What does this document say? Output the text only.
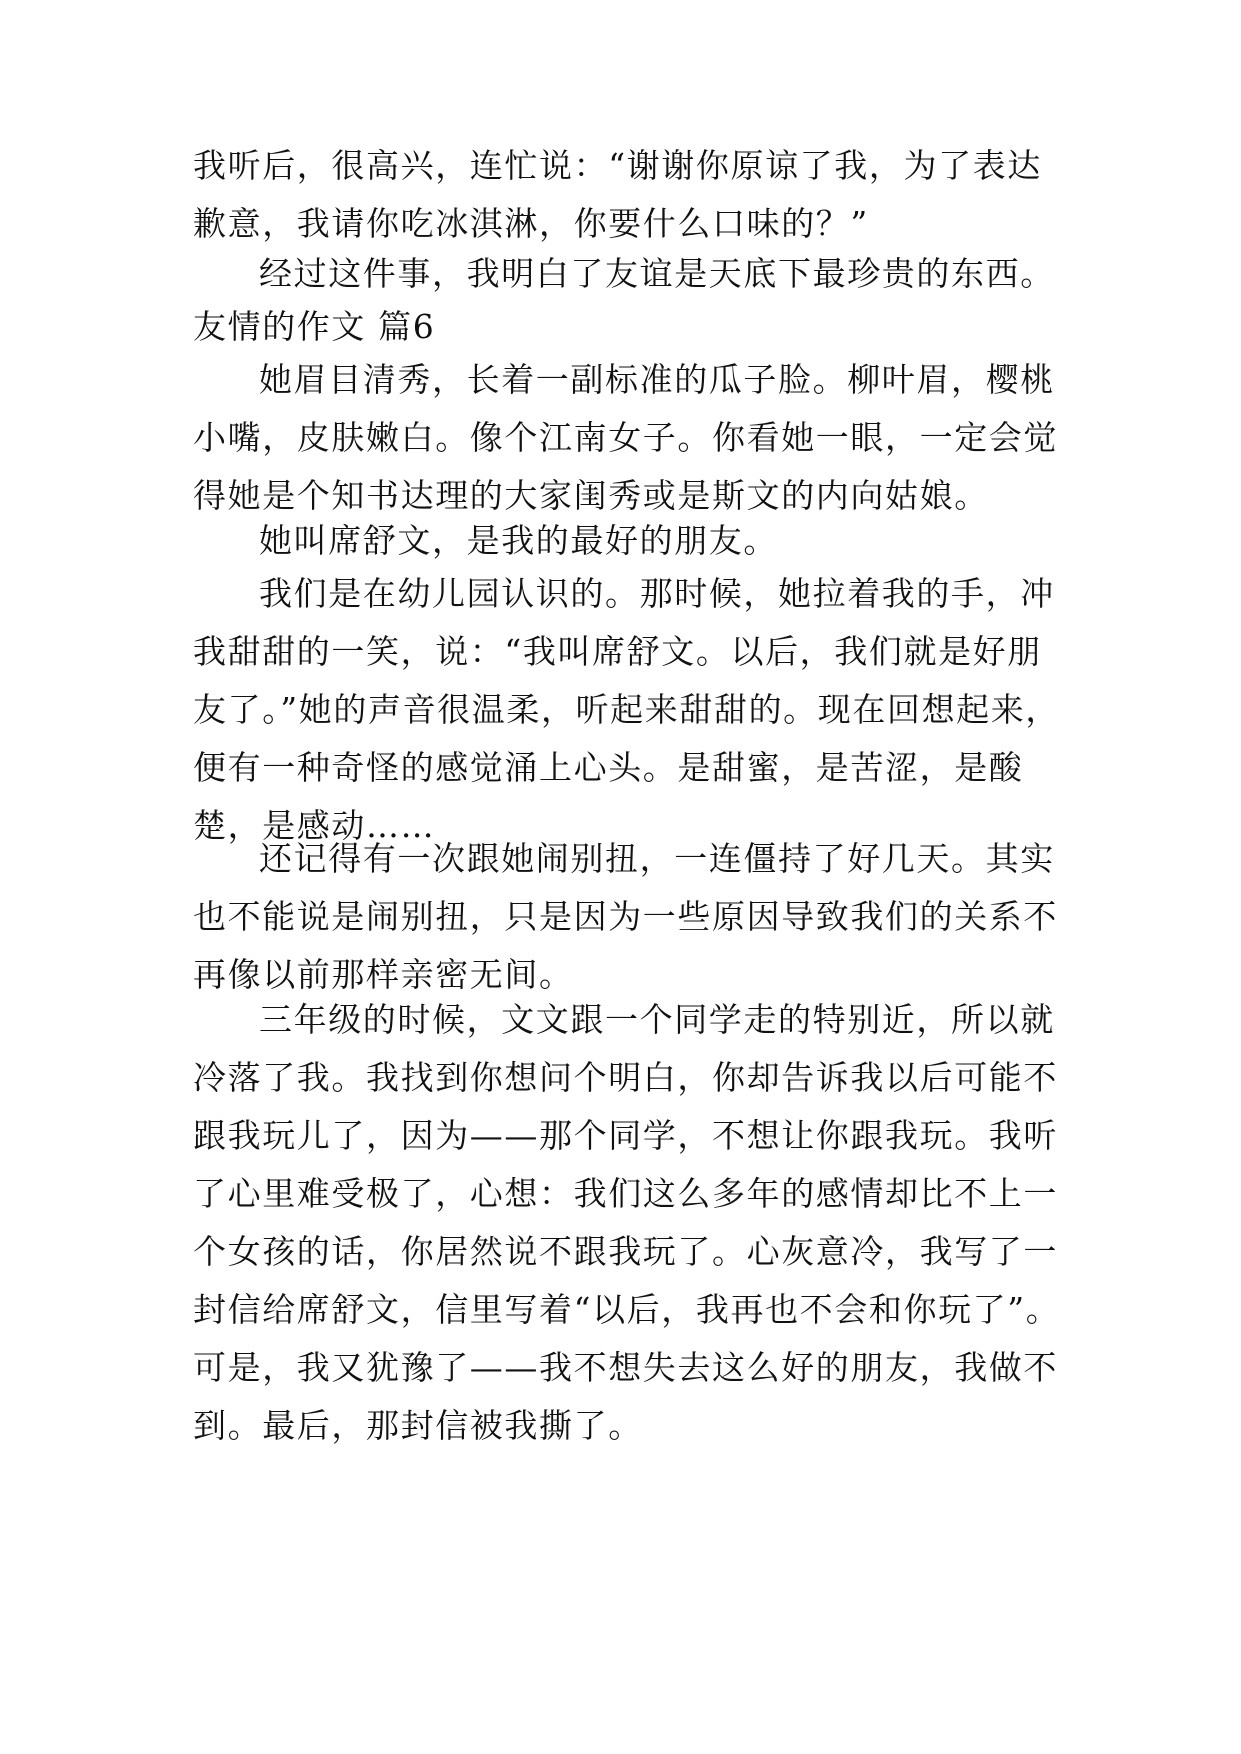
我听后，很高兴，连忙说：“谢谢你原谅了我，为了表达歉意，我请你吃冰淇淋，你要什么口味的？”

经过这件事，我明白了友谊是天底下最珍贵的东西。

友情的作文 篇6

她眉目清秀，长着一副标准的瓜子脸。柳叶眉，樱桃小嘴，皮肤嫩白。像个江南女子。你看她一眼，一定会觉得她是个知书达理的大家闺秀或是斯文的内向姑娘。

她叫席舒文，是我的最好的朋友。

我们是在幼儿园认识的。那时候，她拉着我的手，冲我甜甜的一笑，说：“我叫席舒文。以后，我们就是好朋友了。”她的声音很温柔，听起来甜甜的。现在回想起来，便有一种奇怪的感觉涌上心头。是甜蜜，是苦涩，是酸楚，是感动……

还记得有一次跟她闹别扭，一连僵持了好几天。其实也不能说是闹别扭，只是因为一些原因导致我们的关系不再像以前那样亲密无间。

三年级的时候，文文跟一个同学走的特别近，所以就冷落了我。我找到你想问个明白，你却告诉我以后可能不跟我玩儿了，因为——那个同学，不想让你跟我玩。我听了心里难受极了，心想：我们这么多年的感情却比不上一个女孩的话，你居然说不跟我玩了。心灰意冷，我写了一封信给席舒文，信里写着“以后，我再也不会和你玩了”。可是，我又犹豫了——我不想失去这么好的朋友，我做不到。最后，那封信被我撕了。
